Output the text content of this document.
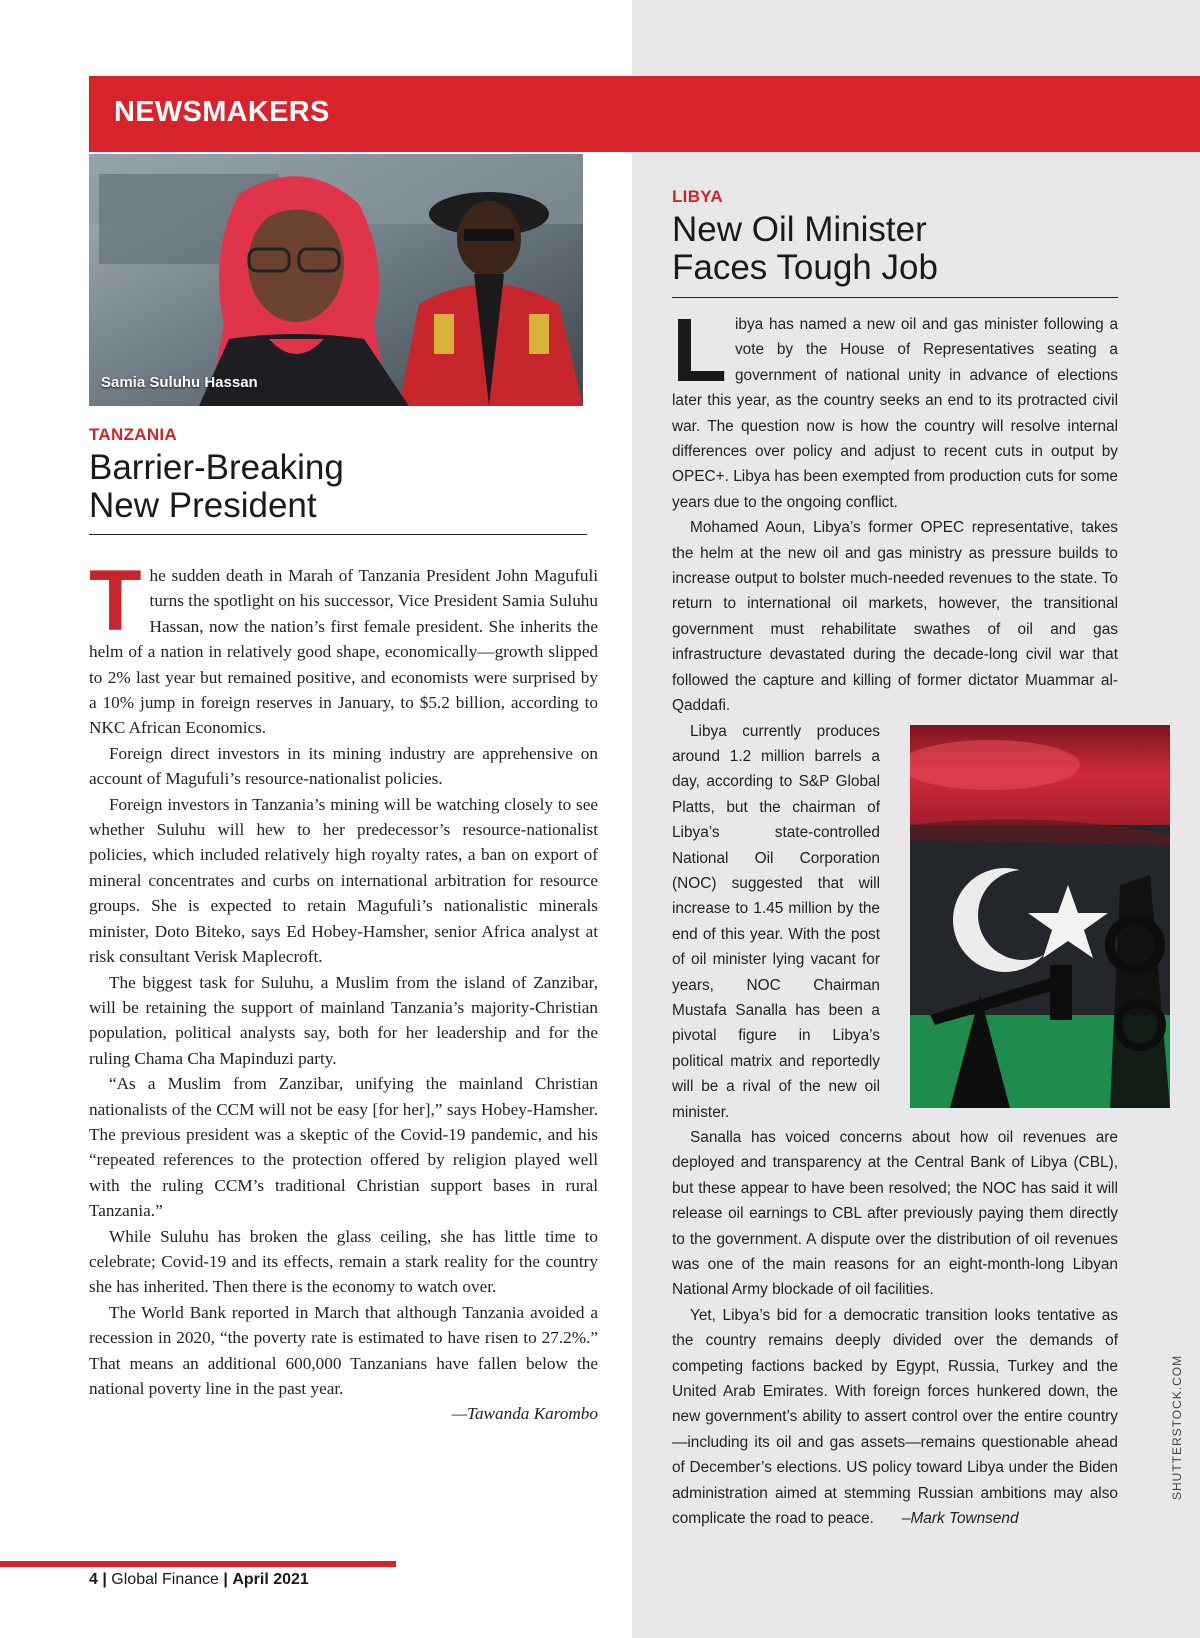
NEWSMAKERS
Samia Suluhu Hassan
TANZANIA
Barrier-Breaking
New President

The sudden death in Marah of Tanzania President John Magufuli turns the spotlight on his successor, Vice President Samia Suluhu Hassan, now the nation’s first female president. She inherits the helm of a nation in relatively good shape, economically—growth slipped to 2% last year but remained positive, and economists were surprised by a 10% jump in foreign reserves in January, to $5.2 billion, according to NKC African Economics.

Foreign direct investors in its mining industry are apprehensive on account of Magufuli’s resource-nationalist policies.

Foreign investors in Tanzania’s mining will be watching closely to see whether Suluhu will hew to her predecessor’s resource-nationalist policies, which included relatively high royalty rates, a ban on export of mineral concentrates and curbs on international arbitration for resource groups. She is expected to retain Magufuli’s nationalistic minerals minister, Doto Biteko, says Ed Hobey-Hamsher, senior Africa analyst at risk consultant Verisk Maplecroft.

The biggest task for Suluhu, a Muslim from the island of Zanzibar, will be retaining the support of mainland Tanzania’s majority-Christian population, political analysts say, both for her leadership and for the ruling Chama Cha Mapinduzi party.

“As a Muslim from Zanzibar, unifying the mainland Christian nationalists of the CCM will not be easy [for her],” says Hobey-Hamsher. The previous president was a skeptic of the Covid-19 pandemic, and his “repeated references to the protection offered by religion played well with the ruling CCM’s traditional Christian support bases in rural Tanzania.”

While Suluhu has broken the glass ceiling, she has little time to celebrate; Covid-19 and its effects, remain a stark reality for the country she has inherited. Then there is the economy to watch over.

The World Bank reported in March that although Tanzania avoided a recession in 2020, “the poverty rate is estimated to have risen to 27.2%.” That means an additional 600,000 Tanzanians have fallen below the national poverty line in the past year.

—Tawanda Karombo
LIBYA
New Oil Minister
Faces Tough Job

Libya has named a new oil and gas minister following a vote by the House of Representatives seating a government of national unity in advance of elections later this year, as the country seeks an end to its protracted civil war. The question now is how the country will resolve internal differences over policy and adjust to recent cuts in output by OPEC+. Libya has been exempted from production cuts for some years due to the ongoing conflict.

Mohamed Aoun, Libya’s former OPEC representative, takes the helm at the new oil and gas ministry as pressure builds to increase output to bolster much-needed revenues to the state. To return to international oil markets, however, the transitional government must rehabilitate swathes of oil and gas infrastructure devastated during the decade-long civil war that followed the capture and killing of former dictator Muammar al-Qaddafi.

Libya currently produces around 1.2 million barrels a day, according to S&P Global Platts, but the chairman of Libya’s state-controlled National Oil Corporation (NOC) suggested that will increase to 1.45 million by the end of this year. With the post of oil minister lying vacant for years, NOC Chairman Mustafa Sanalla has been a pivotal figure in Libya’s political matrix and reportedly will be a rival of the new oil minister.

Sanalla has voiced concerns about how oil revenues are deployed and transparency at the Central Bank of Libya (CBL), but these appear to have been resolved; the NOC has said it will release oil earnings to CBL after previously paying them directly to the government. A dispute over the distribution of oil revenues was one of the main reasons for an eight-month-long Libyan National Army blockade of oil facilities.

Yet, Libya’s bid for a democratic transition looks tentative as the country remains deeply divided over the demands of competing factions backed by Egypt, Russia, Turkey and the United Arab Emirates. With foreign forces hunkered down, the new government’s ability to assert control over the entire country—including its oil and gas assets—remains questionable ahead of December’s elections. US policy toward Libya under the Biden administration aimed at stemming Russian ambitions may also complicate the road to peace. –Mark Townsend

SHUTTERSTOCK.COM
4 | Global Finance | April 2021
